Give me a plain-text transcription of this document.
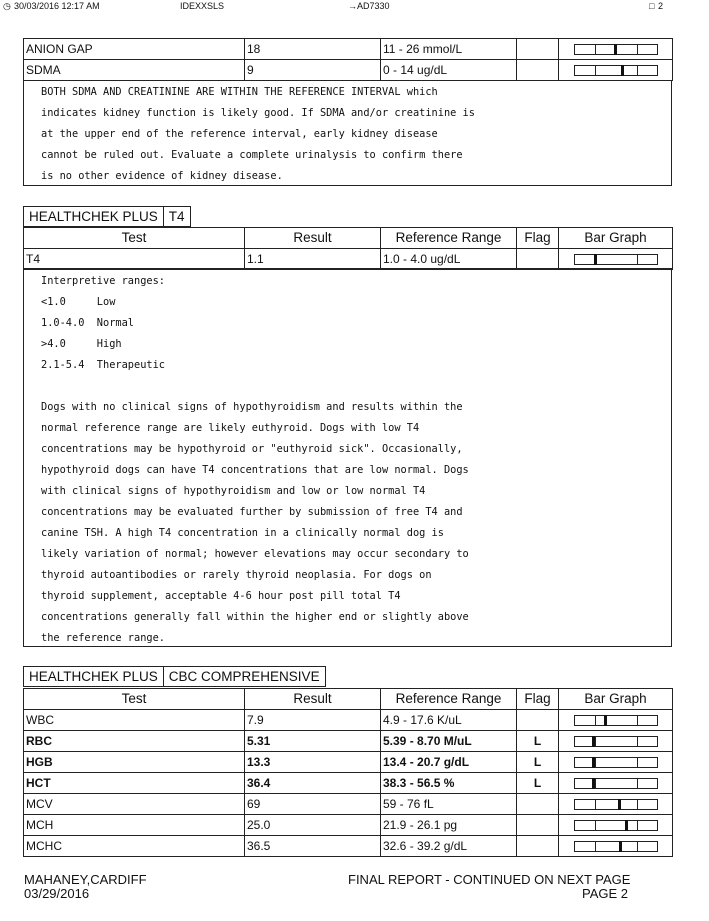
◷ 30/03/2016 12:17 AM	IDEXXSLS	→ AD7330	□ 2
ANION GAP	18	11 - 26 mmol/L		

SDMA	9	0 - 14 ug/dL		
BOTH SDMA AND CREATININE ARE WITHIN THE REFERENCE INTERVAL which
indicates kidney function is likely good. If SDMA and/or creatinine is
at the upper end of the reference interval, early kidney disease
cannot be ruled out. Evaluate a complete urinalysis to confirm there
is no other evidence of kidney disease.
HEALTHCHEK PLUS T4
Test	Result	Reference Range	Flag	Bar Graph
T4	1.1	1.0 - 4.0 ug/dL		
Interpretive ranges:
<1.0     Low
1.0-4.0  Normal
>4.0     High
2.1-5.4  Therapeutic
Dogs with no clinical signs of hypothyroidism and results within the
normal reference range are likely euthyroid. Dogs with low T4
concentrations may be hypothyroid or "euthyroid sick". Occasionally,
hypothyroid dogs can have T4 concentrations that are low normal. Dogs
with clinical signs of hypothyroidism and low or low normal T4
concentrations may be evaluated further by submission of free T4 and
canine TSH. A high T4 concentration in a clinically normal dog is
likely variation of normal; however elevations may occur secondary to
thyroid autoantibodies or rarely thyroid neoplasia. For dogs on
thyroid supplement, acceptable 4-6 hour post pill total T4
concentrations generally fall within the higher end or slightly above
the reference range.
HEALTHCHEK PLUS CBC COMPREHENSIVE
Test	Result	Reference Range	Flag	Bar Graph
WBC	7.9	4.9 - 17.6 K/uL		

RBC	5.31	5.39 - 8.70 M/uL	L	

HGB	13.3	13.4 - 20.7 g/dL	L	

HCT	36.4	38.3 - 56.5 %	L	

MCV	69	59 - 76 fL		

MCH	25.0	21.9 - 26.1 pg		

MCHC	36.5	32.6 - 39.2 g/dL		
MAHANEY,CARDIFF
03/29/2016
FINAL REPORT - CONTINUED ON NEXT PAGE
PAGE 2
